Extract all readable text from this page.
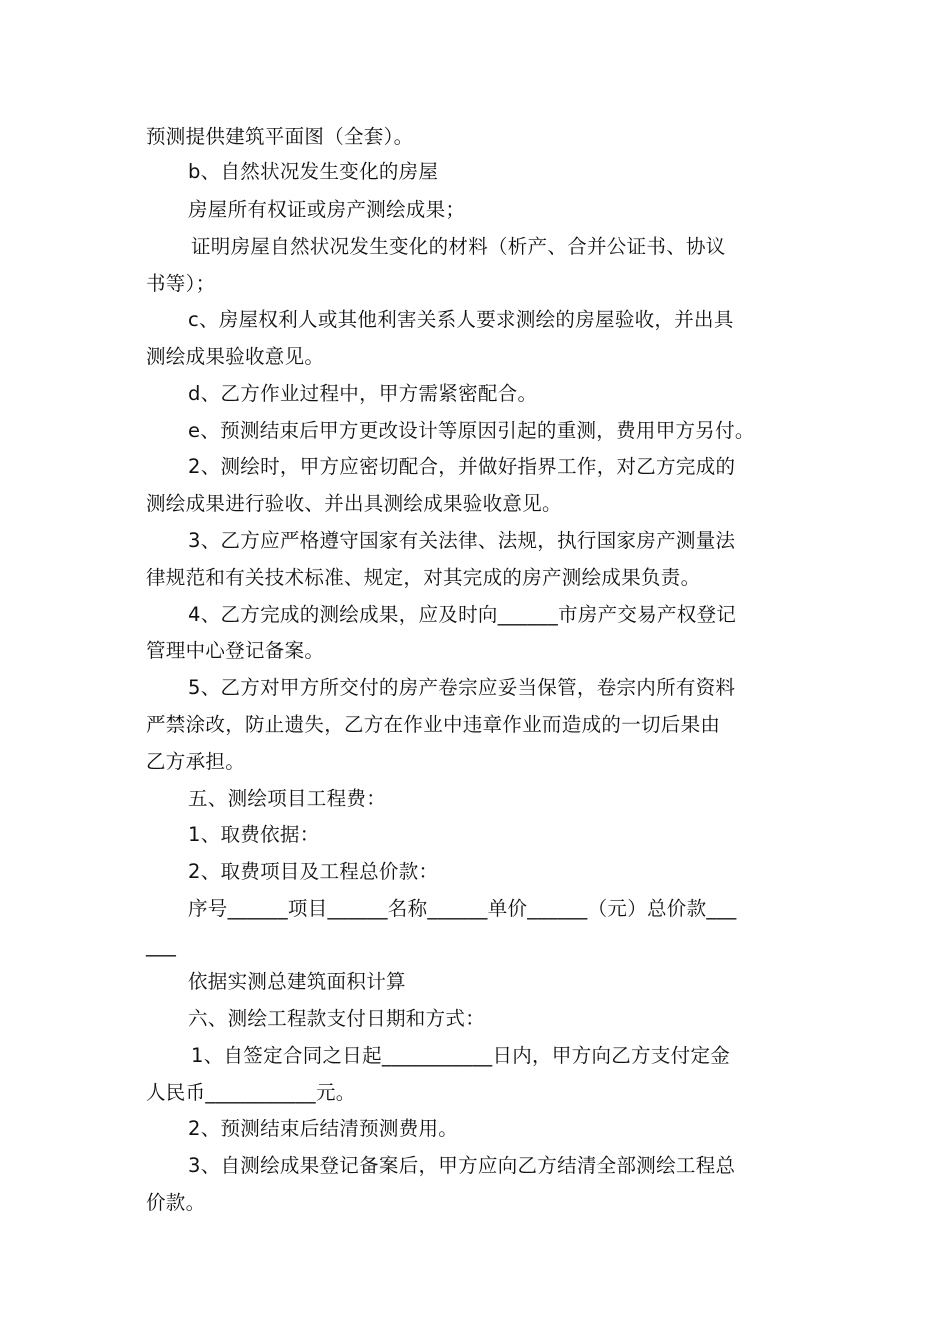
预测提供建筑平面图（全套）。
b、自然状况发生变化的房屋
房屋所有权证或房产测绘成果；
证明房屋自然状况发生变化的材料（析产、合并公证书、协议
书等）；
c、房屋权利人或其他利害关系人要求测绘的房屋验收，并出具
测绘成果验收意见。
d、乙方作业过程中，甲方需紧密配合。
e、预测结束后甲方更改设计等原因引起的重测，费用甲方另付。
2、测绘时，甲方应密切配合，并做好指界工作，对乙方完成的
测绘成果进行验收、并出具测绘成果验收意见。
3、乙方应严格遵守国家有关法律、法规，执行国家房产测量法
律规范和有关技术标准、规定，对其完成的房产测绘成果负责。
4、乙方完成的测绘成果，应及时向______市房产交易产权登记
管理中心登记备案。
5、乙方对甲方所交付的房产卷宗应妥当保管，卷宗内所有资料
严禁涂改，防止遗失，乙方在作业中违章作业而造成的一切后果由
乙方承担。
五、测绘项目工程费：
1、取费依据：
2、取费项目及工程总价款：
序号______项目______名称______单价______（元）总价款___
___
依据实测总建筑面积计算
六、测绘工程款支付日期和方式：
1、自签定合同之日起___________日内，甲方向乙方支付定金
人民币___________元。
2、预测结束后结清预测费用。
3、自测绘成果登记备案后，甲方应向乙方结清全部测绘工程总
价款。
